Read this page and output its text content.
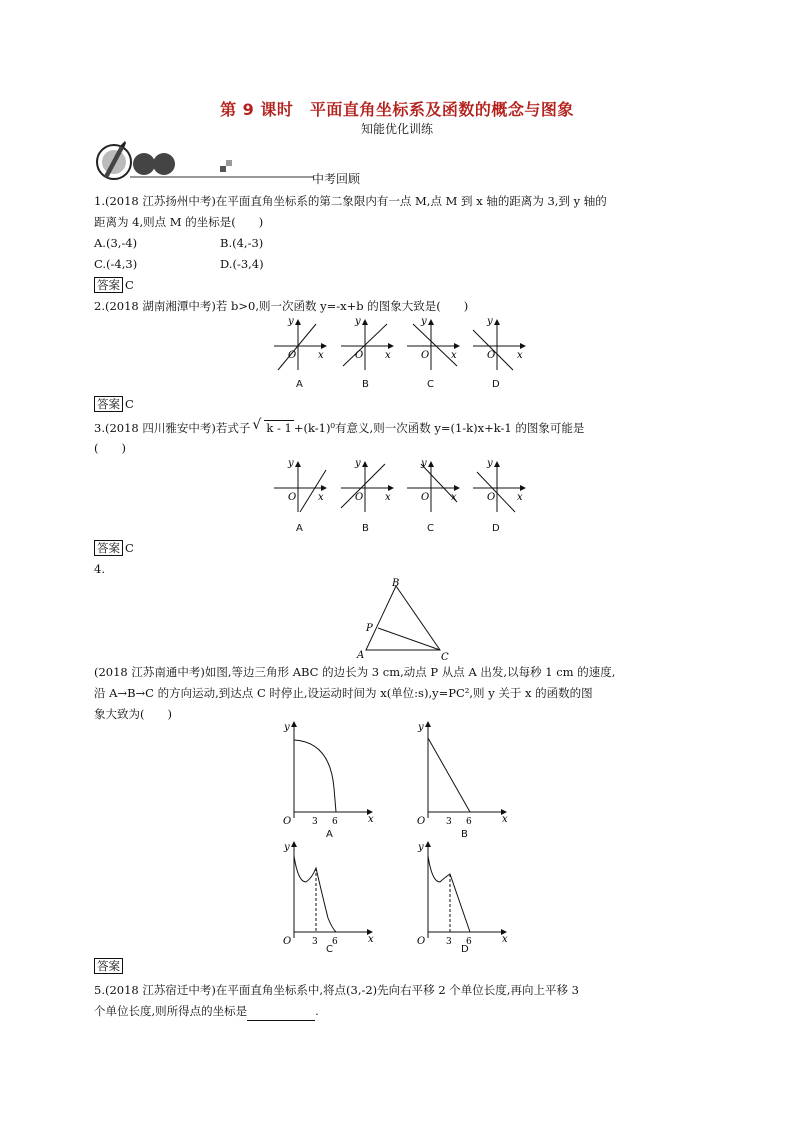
第 9 课时　平面直角坐标系及函数的概念与图象
知能优化训练
中考回顾
1.(2018 江苏扬州中考)在平面直角坐标系的第二象限内有一点 M,点 M 到 x 轴的距离为 3,到 y 轴的
距离为 4,则点 M 的坐标是(　　)
A.(3,-4)	B.(4,-3)
C.(-4,3)	D.(-3,4)
答案 C
2.(2018 湖南湘潭中考)若 b>0,则一次函数 y=-x+b 的图象大致是(　　)
y
x
O
y
x
O
y
x
O
y
x
O
A	B	C	D
答案 C
3.(2018 四川雅安中考)若式子 √ k - 1 +(k-1)⁰有意义,则一次函数 y=(1-k)x+k-1 的图象可能是
(　　)
y
x
O
y
x
O
y
x
O
y
x
O
A	B	C	D
答案 C
4.
B
P
A	C
(2018 江苏南通中考)如图,等边三角形 ABC 的边长为 3 cm,动点 P 从点 A 出发,以每秒 1 cm 的速度,
沿 A→B→C 的方向运动,到达点 C 时停止,设运动时间为 x(单位:s),y=PC²,则 y 关于 x 的函数的图
象大致为(　　)
y
x
O 3 6
y
x
O 3 6
A	B
y
x
O 3 6
y
x
O 3 6
C	D
答案
5.(2018 江苏宿迁中考)在平面直角坐标系中,将点(3,-2)先向右平移 2 个单位长度,再向上平移 3
个单位长度,则所得点的坐标是	.
